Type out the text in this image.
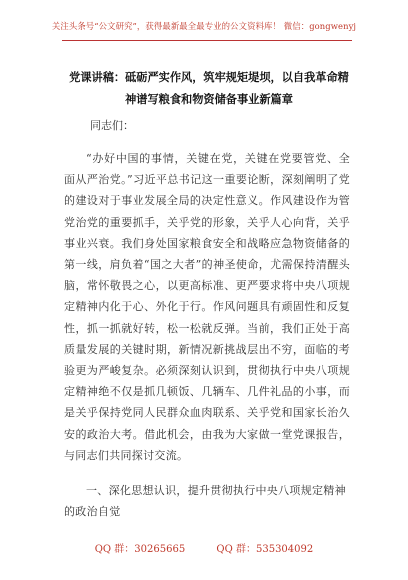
关注头条号“公文研究”，获得最新最全最专业的公文资料库！ 微信：gongwenyj
党课讲稿：砥砺严实作风，筑牢规矩堤坝，以自我革命精神谱写粮食和物资储备事业新篇章
同志们：

“办好中国的事情，关键在党，关键在党要管党、全面从严治党。”习近平总书记这一重要论断，深刻阐明了党的建设对于事业发展全局的决定性意义。作风建设作为管党治党的重要抓手，关乎党的形象，关乎人心向背，关乎事业兴衰。我们身处国家粮食安全和战略应急物资储备的第一线，肩负着“国之大者”的神圣使命，尤需保持清醒头脑，常怀敬畏之心，以更高标准、更严要求将中央八项规定精神内化于心、外化于行。作风问题具有顽固性和反复性，抓一抓就好转，松一松就反弹。当前，我们正处于高质量发展的关键时期，新情况新挑战层出不穷，面临的考验更为严峻复杂。必须深刻认识到，贯彻执行中央八项规定精神绝不仅是抓几顿饭、几辆车、几件礼品的小事，而是关乎保持党同人民群众血肉联系、关乎党和国家长治久安的政治大考。借此机会，由我为大家做一堂党课报告，与同志们共同探讨交流。

一、深化思想认识，提升贯彻执行中央八项规定精神的政治自觉
QQ 群：30265665	QQ 群：535304092
